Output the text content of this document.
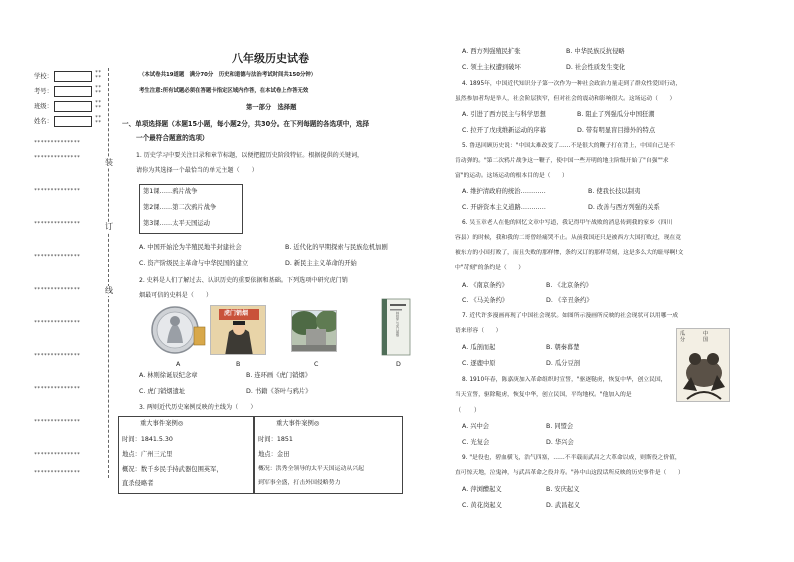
装
订
线
学校：	**
**
考号：	**
**
班级：	**
**
姓名：	**
**
**************
**************
**************
**************
**************
**************
**************
**************
**************
**************
**************
**************
八年级历史试卷
（本试卷共19道题　满分70分　历史和道德与法治考试时间共150分钟）
考生注意:所有试题必须在答题卡指定区域内作答，在本试卷上作答无效
第一部分　选择题
一、单项选择题（本题15小题，每小题2分，共30分。在下列每题的各选项中，选择
一个最符合题意的选项）
1. 历史学习中要关注目录和章节标题，以便把握历史阶段特征。根据提供的关键词，
请你为其选择一个最恰当的单元主题（　　）
第1课……鸦片战争
第2课……第二次鸦片战争
第3课……太平天国运动
A. 中国开始沦为半殖民地半封建社会	B. 近代化的早期探索与民族危机加剧
C. 资产阶级民主革命与中华民国的建立	D. 新民主主义革命的开始
2. 史料是人们了解过去、认识历史的重要依据和基础。下列选项中研究虎门销
烟最可信的史料是（　　）
虎门销烟	林则徐与虎门销烟
A	B	C	D
A. 林则徐诞辰纪念章	B. 连环画《虎门销烟》
C. 虎门销烟遗址	D. 书籍《茶叶与鸦片》
3. 两则近代历史案例反映的主线为（　　）
重大事件案例◎
时间：1841.5.30
地点：广州三元里
概况：数千乡民手持武器包围英军，
直杀侵略者
重大事件案例◎
时间：1851
地点：金田
概况：洪秀全领导的太平天国运动从兴起
到军事全盛，打击外国侵略势力
A. 西方列强殖民扩张	B. 中华民族反抗侵略
C. 领土主权遭到破坏	D. 社会性质发生变化
4. 1895年，中国近代知识分子第一次作为一种社会政治力量走到了群众性爱国行动，
虽然参加者均是举人，社会阶层狭窄，但对社会的震动和影响很大。这场运动（　　）
A. 引进了西方民主与科学思想	B. 阻止了列强瓜分中国狂潮
C. 拉开了戊戌维新运动的序幕	D. 带有明显盲目排外的特点
5. 鲁迅回顾历史说："中国太难改变了……不是很大的鞭子打在背上，中国自己是不
肯动弹的。"第二次鸦片战争这一鞭子，使中国一些开明的地主阶级开始了"自强""求
富"的运动。这场运动的根本目的是（　　）
A. 维护清政府的统治…………	B. 使我长技以制夷
C. 开辟资本主义道路…………	D. 改善与西方列强的关系
6. 吴玉章老人在他的回忆文章中写道，我记得甲午战败的消息传到我的家乡（四川
容县）的时候，我和我的二哥曾经痛哭不止。从前我国还只是被西方大国打败过，现在竟
被东方的小国打败了，而且失败的那样惨，条约又订的那样苛刻，这是多么大的耻辱啊!文
中"苛刻"的条约是（　　）
A. 《南京条约》	B. 《北京条约》
C. 《马关条约》	D. 《辛丑条约》
7. 近代许多漫画再现了中国社会现状。如图所示漫画所反映的社会现状可以用哪一成
语来形容（　　）
A. 瓜剖而起	B. 朝秦暮楚
C. 逐鹿中原	D. 瓜分豆剖
瓜分
中国
8. 1910年春，陈嘉庚加入革命组织时宣誓，"驱逐鞑虏，恢复中华，创立民国，
当天宣誓，驱除鞑虏，恢复中华，创立民国，平均地权。"他加入的是
（　　）
A. 兴中会	B. 同盟会
C. 光复会	D. 华兴会
9. "是役也，碧血横飞，浩气四塞，……不半载而武昌之大革命以成，则斯役之价值，
直可惊天地，泣鬼神，与武昌革命之役并寿。"孙中山这段话所反映的历史事件是（　　）
A. 萍浏醴起义	B. 安庆起义
C. 黄花岗起义	D. 武昌起义
